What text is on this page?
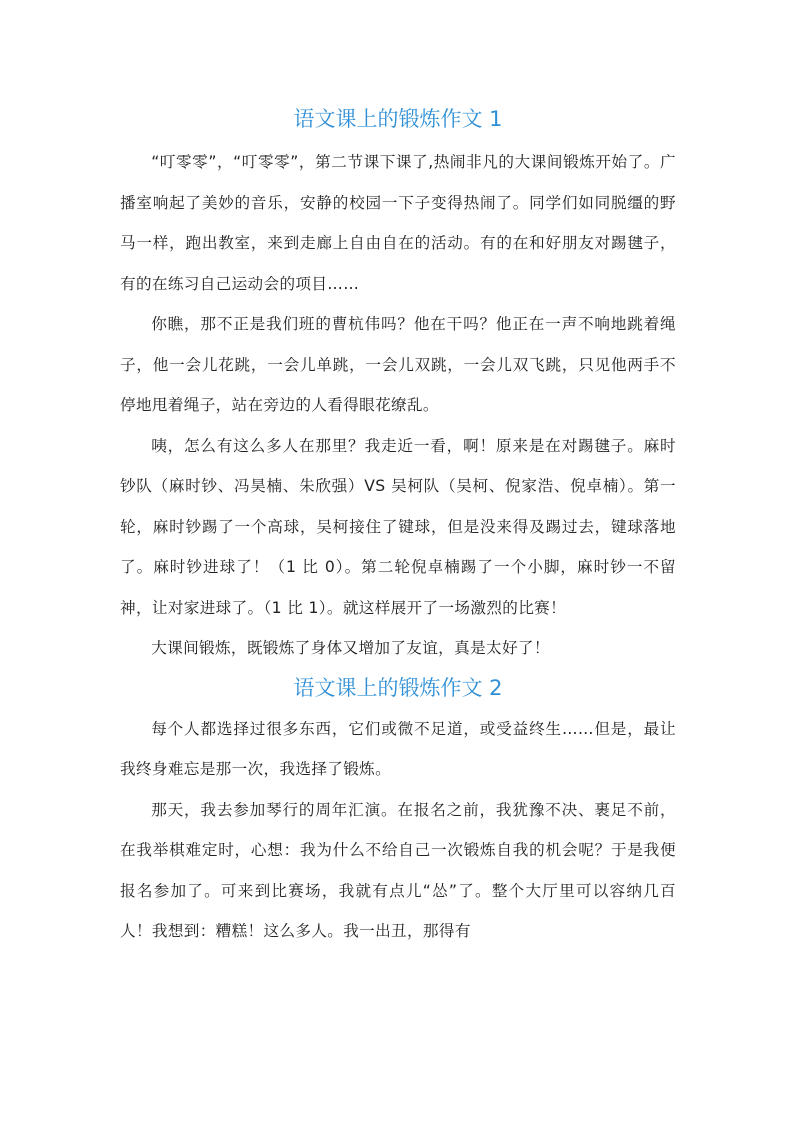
语文课上的锻炼作文 1

“叮零零”，“叮零零”，第二节课下课了,热闹非凡的大课间锻炼开始了。广播室响起了美妙的音乐，安静的校园一下子变得热闹了。同学们如同脱缰的野马一样，跑出教室，来到走廊上自由自在的活动。有的在和好朋友对踢毽子，有的在练习自己运动会的项目……

你瞧，那不正是我们班的曹杭伟吗？他在干吗？他正在一声不响地跳着绳子，他一会儿花跳，一会儿单跳，一会儿双跳，一会儿双飞跳，只见他两手不停地甩着绳子，站在旁边的人看得眼花缭乱。

咦，怎么有这么多人在那里？我走近一看，啊！原来是在对踢毽子。麻时钞队（麻时钞、冯昊楠、朱欣强）VS 吴柯队（吴柯、倪家浩、倪卓楠）。第一轮，麻时钞踢了一个高球，吴柯接住了键球，但是没来得及踢过去，键球落地了。麻时钞进球了！（1 比 0）。第二轮倪卓楠踢了一个小脚，麻时钞一不留神，让对家进球了。（1 比 1）。就这样展开了一场激烈的比赛！

大课间锻炼，既锻炼了身体又增加了友谊，真是太好了！

语文课上的锻炼作文 2

每个人都选择过很多东西，它们或微不足道，或受益终生……但是，最让我终身难忘是那一次，我选择了锻炼。

那天，我去参加琴行的周年汇演。在报名之前，我犹豫不决、裹足不前，在我举棋难定时，心想：我为什么不给自己一次锻炼自我的机会呢？于是我便报名参加了。可来到比赛场，我就有点儿“怂”了。整个大厅里可以容纳几百人！我想到：糟糕！这么多人。我一出丑，那得有
